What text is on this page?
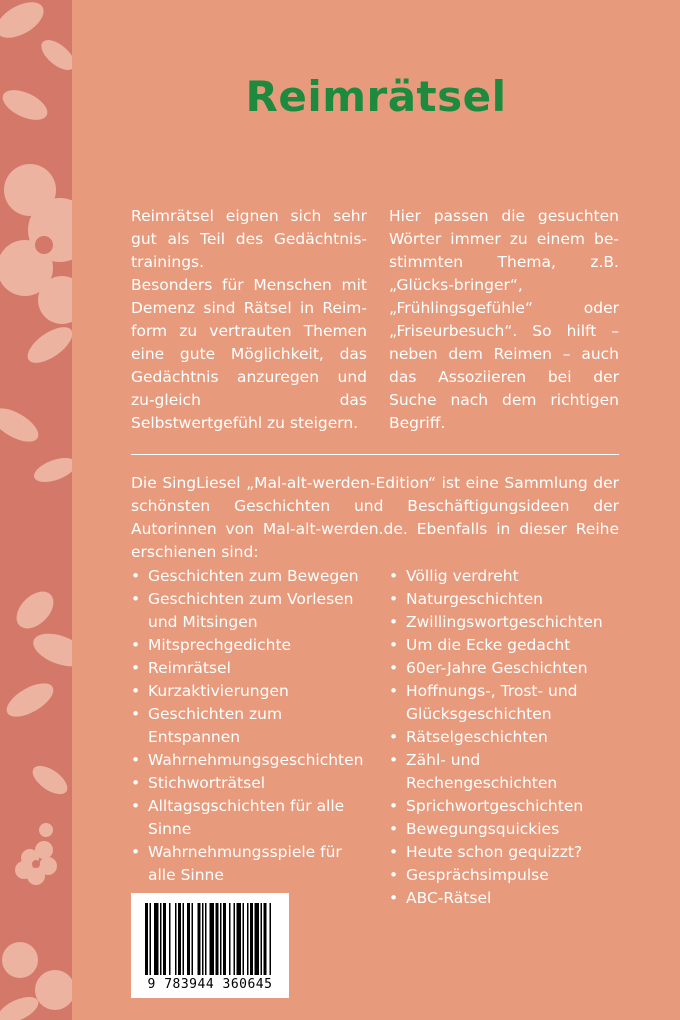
Reimrätsel

Reimrätsel eignen sich sehr gut als Teil des Gedächtnis-trainings.

Besonders für Menschen mit Demenz sind Rätsel in Reim-form zu vertrauten Themen eine gute Möglichkeit, das Gedächtnis anzuregen und zu-gleich das Selbstwertgefühl zu steigern.

Hier passen die gesuchten Wörter immer zu einem be-stimmten Thema, z.B. „Glücks-bringer“, „Frühlingsgefühle“ oder „Friseurbesuch“. So hilft – neben dem Reimen – auch das Assoziieren bei der Suche nach dem richtigen Begriff.

Die SingLiesel „Mal-alt-werden-Edition“ ist eine Sammlung der schönsten Geschichten und Beschäftigungsideen der Autorinnen von Mal-alt-werden.de. Ebenfalls in dieser Reihe erschienen sind:
• Geschichten zum Bewegen
• Geschichten zum Vorlesen und Mitsingen
• Mitsprechgedichte
• Reimrätsel
• Kurzaktivierungen
• Geschichten zum Entspannen
• Wahrnehmungsgeschichten
• Stichworträtsel
• Alltagsgschichten für alle Sinne
• Wahrnehmungsspiele für alle Sinne
• Völlig verdreht
• Naturgeschichten
• Zwillingswortgeschichten
• Um die Ecke gedacht
• 60er-Jahre Geschichten
• Hoffnungs-, Trost- und Glücksgeschichten
• Rätselgeschichten
• Zähl- und Rechengeschichten
• Sprichwortgeschichten
• Bewegungsquickies
• Heute schon gequizzt?
• Gesprächsimpulse
• ABC-Rätsel
9 783944 360645
